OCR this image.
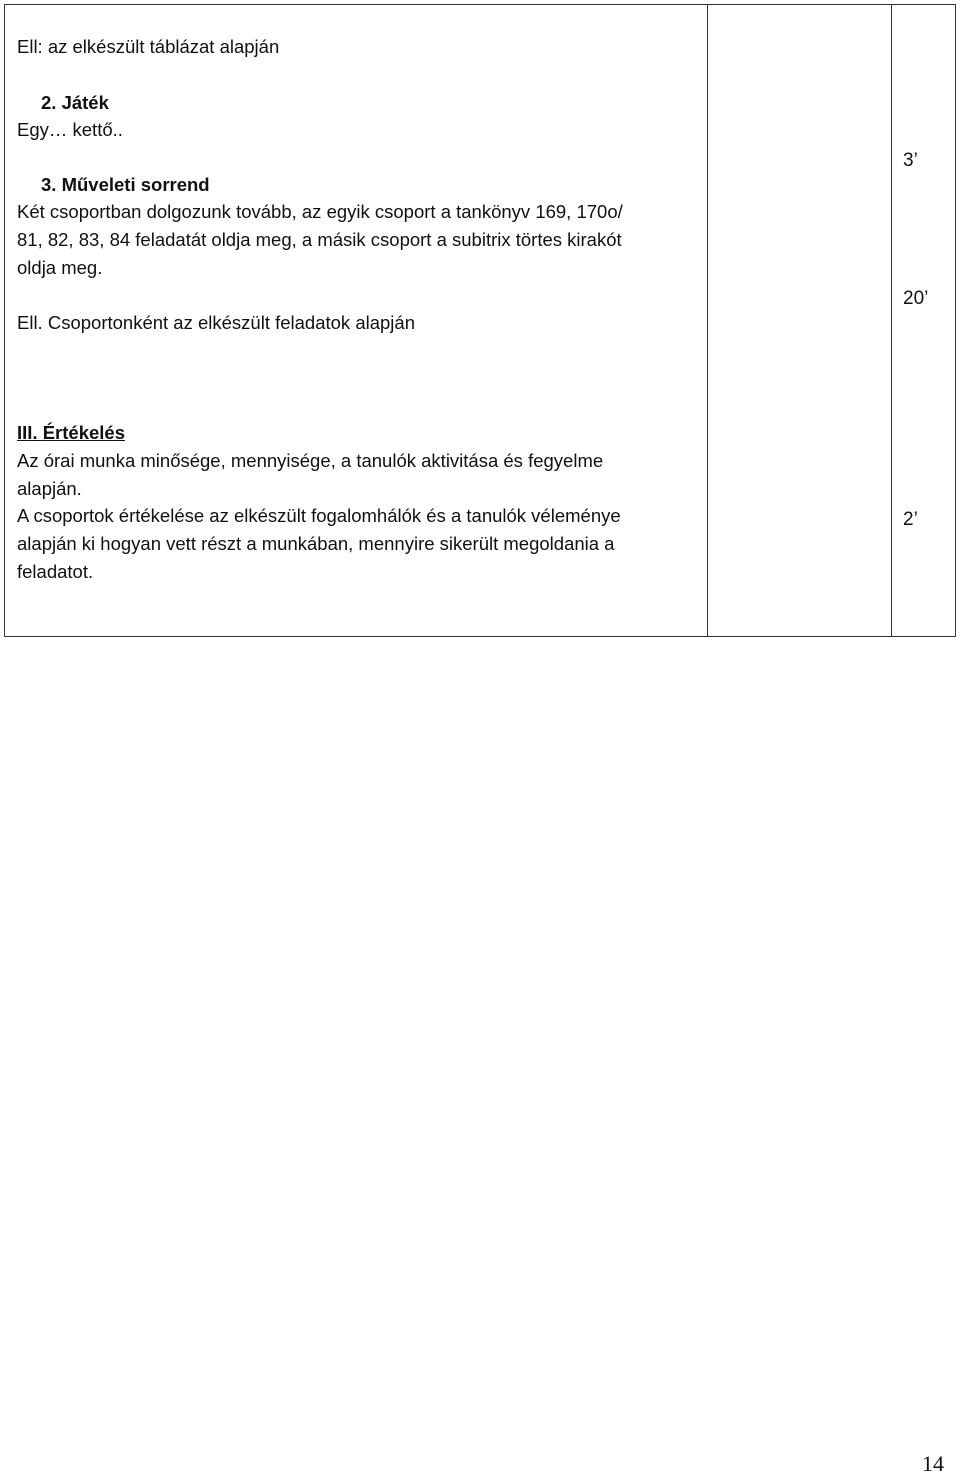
Ell: az elkészült táblázat alapján
2. Játék
Egy… kettő..
3. Műveleti sorrend
Két csoportban dolgozunk tovább, az egyik csoport a tankönyv 169, 170o/
81, 82, 83, 84 feladatát oldja meg, a másik csoport a subitrix törtes kirakót
oldja meg.
Ell. Csoportonként az elkészült feladatok alapján
3’
20’
III. Értékelés
Az órai munka minősége, mennyisége, a tanulók aktivitása és fegyelme
alapján.
A csoportok értékelése az elkészült fogalomhálók és a tanulók véleménye
alapján ki hogyan vett részt a munkában, mennyire sikerült megoldania a
feladatot.
2’
14
